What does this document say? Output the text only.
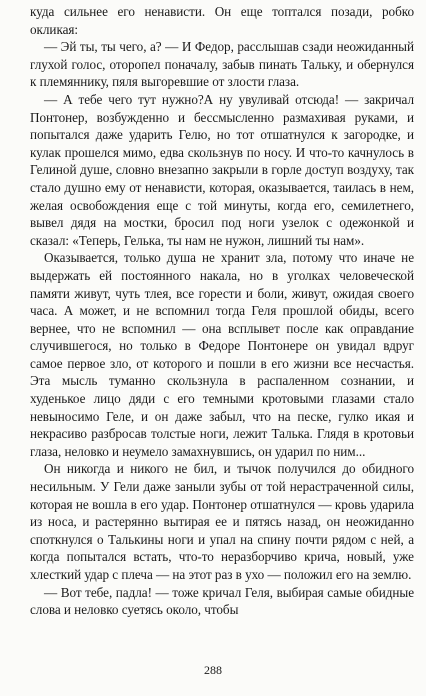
куда сильнее его ненависти. Он еще топтался позади, робко окликая:

— Эй ты, ты чего, а? — И Федор, расслышав сзади неожиданный глухой голос, оторопел поначалу, забыв пинать Тальку, и обернулся к племяннику, пяля выгоревшие от злости глаза.

— А тебе чего тут нужно?А ну увуливай отсюда! — закричал Понтонер, возбужденно и бессмысленно размахивая руками, и попытался даже ударить Гелю, но тот отшатнулся к загородке, и кулак прошелся мимо, едва скользнув по носу. И что-то качнулось в Гелиной душе, словно внезапно закрыли в горле доступ воздуху, так стало душно ему от ненависти, которая, оказывается, таилась в нем, желая освобождения еще с той минуты, когда его, семилетнего, вывел дядя на мостки, бросил под ноги узелок с одежонкой и сказал: «Теперь, Гелька, ты нам не нужон, лишний ты нам».

Оказывается, только душа не хранит зла, потому что иначе не выдержать ей постоянного накала, но в уголках человеческой памяти живут, чуть тлея, все горести и боли, живут, ожидая своего часа. А может, и не вспомнил тогда Геля прошлой обиды, всего вернее, что не вспомнил — она всплывет после как оправдание случившегося, но только в Федоре Понтонере он увидал вдруг самое первое зло, от которого и пошли в его жизни все несчастья. Эта мысль туманно скользнула в распаленном сознании, и худенькое лицо дяди с его темными кротовыми глазами стало невыносимо Геле, и он даже забыл, что на песке, гулко икая и некрасиво разбросав толстые ноги, лежит Талька. Глядя в кротовьи глаза, неловко и неумело замахнувшись, он ударил по ним...

Он никогда и никого не бил, и тычок получился до обидного несильным. У Гели даже заныли зубы от той нерастраченной силы, которая не вошла в его удар. Понтонер отшатнулся — кровь ударила из носа, и растерянно вытирая ее и пятясь назад, он неожиданно споткнулся о Талькины ноги и упал на спину почти рядом с ней, а когда попытался встать, что-то неразборчиво крича, новый, уже хлесткий удар с плеча — на этот раз в ухо — положил его на землю.

— Вот тебе, падла! — тоже кричал Геля, выбирая самые обидные слова и неловко суетясь около, чтобы

288
